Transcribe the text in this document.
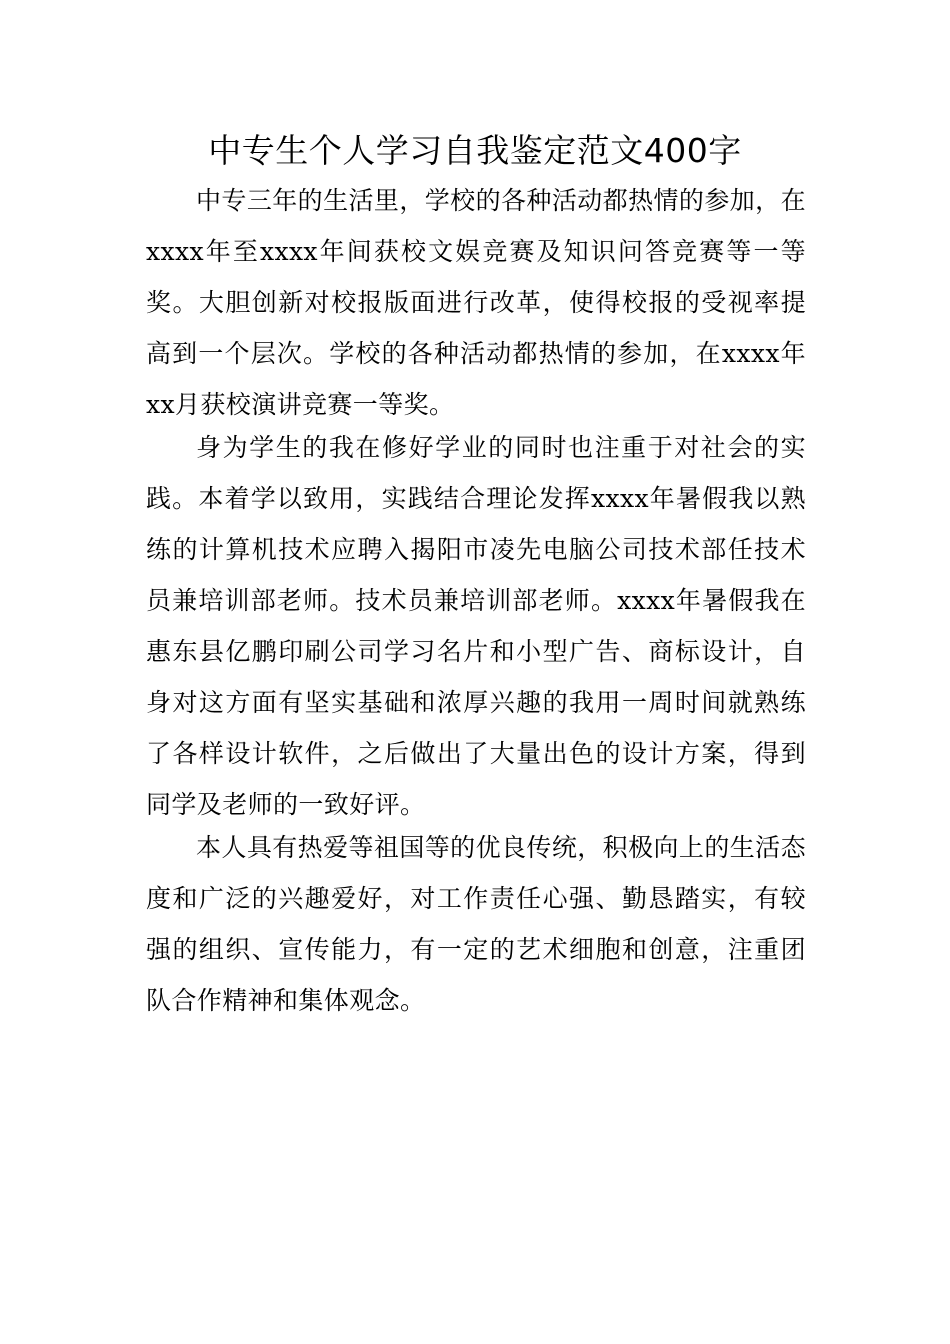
中专生个人学习自我鉴定范文400字

中专三年的生活里，学校的各种活动都热情的参加，在xxxx年至xxxx年间获校文娱竞赛及知识问答竞赛等一等奖。大胆创新对校报版面进行改革，使得校报的受视率提高到一个层次。学校的各种活动都热情的参加，在xxxx年xx月获校演讲竞赛一等奖。

身为学生的我在修好学业的同时也注重于对社会的实践。本着学以致用，实践结合理论发挥xxxx年暑假我以熟练的计算机技术应聘入揭阳市凌先电脑公司技术部任技术员兼培训部老师。技术员兼培训部老师。xxxx年暑假我在惠东县亿鹏印刷公司学习名片和小型广告、商标设计，自身对这方面有坚实基础和浓厚兴趣的我用一周时间就熟练了各样设计软件，之后做出了大量出色的设计方案，得到同学及老师的一致好评。

本人具有热爱等祖国等的优良传统，积极向上的生活态度和广泛的兴趣爱好，对工作责任心强、勤恳踏实，有较强的组织、宣传能力，有一定的艺术细胞和创意，注重团队合作精神和集体观念。
